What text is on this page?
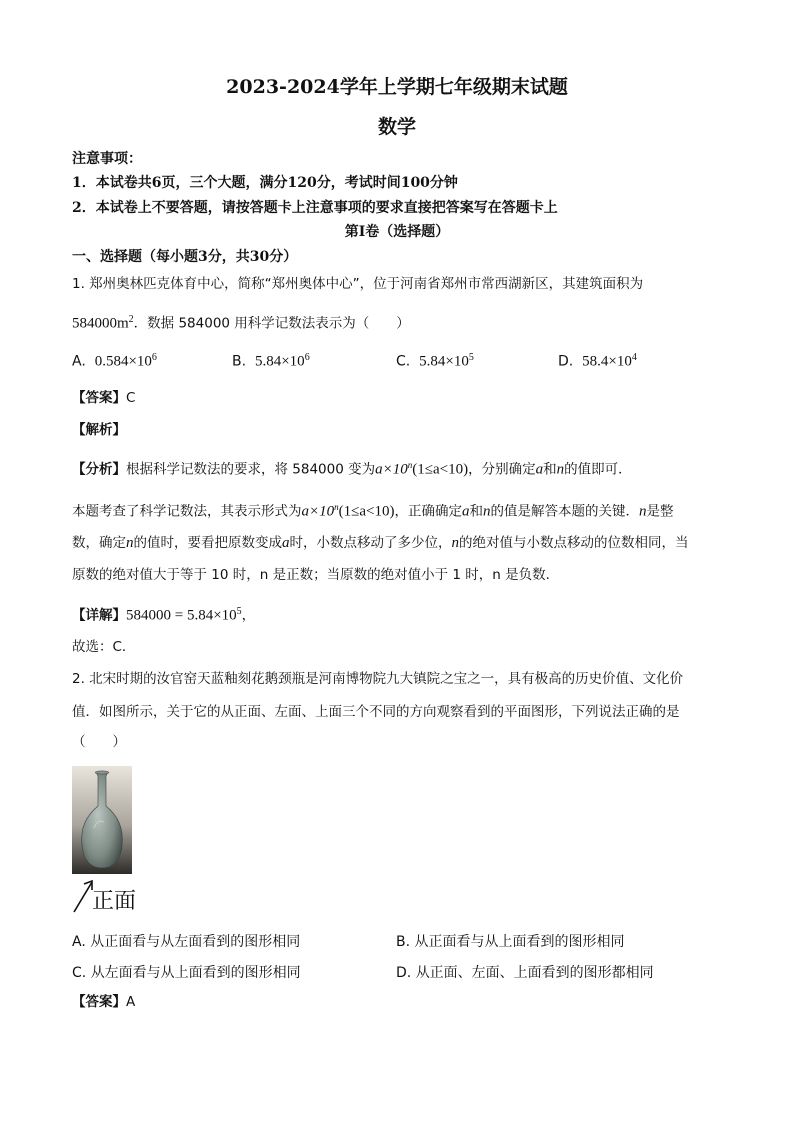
2023-2024学年上学期七年级期末试题
数学
注意事项：
1．本试卷共6页，三个大题，满分120分，考试时间100分钟
2．本试卷上不要答题，请按答题卡上注意事项的要求直接把答案写在答题卡上
第Ⅰ卷（选择题）
一、选择题（每小题3分，共30分）
1. 郑州奥林匹克体育中心，简称“郑州奥体中心”，位于河南省郑州市常西湖新区，其建筑面积为
$584000m^2$．数据 584000 用科学记数法表示为（　　）
A. $0.584\times 10^6$	B. $5.84\times 10^6$	C. $5.84\times 10^5$	D. $58.4\times 10^4$
【答案】C
【解析】
【分析】根据科学记数法的要求，将 584000 变为$a\times 10^n(1\le a<10)$，分别确定a和n的值即可．
本题考查了科学记数法，其表示形式为$a\times 10^n(1\le a<10)$，正确确定a和n的值是解答本题的关键．n是整
数，确定n的值时，要看把原数变成a时，小数点移动了多少位，n的绝对值与小数点移动的位数相同，当
原数的绝对值大于等于 10 时，n 是正数；当原数的绝对值小于 1 时，n 是负数．
【详解】$584000 = 5.84\times 10^5$，
故选：C．
2. 北宋时期的汝官窑天蓝釉刻花鹅颈瓶是河南博物院九大镇院之宝之一，具有极高的历史价值、文化价
值．如图所示，关于它的从正面、左面、上面三个不同的方向观察看到的平面图形，下列说法正确的是
（　　）
正面
A. 从正面看与从左面看到的图形相同	B. 从正面看与从上面看到的图形相同
C. 从左面看与从上面看到的图形相同	D. 从正面、左面、上面看到的图形都相同
【答案】A
